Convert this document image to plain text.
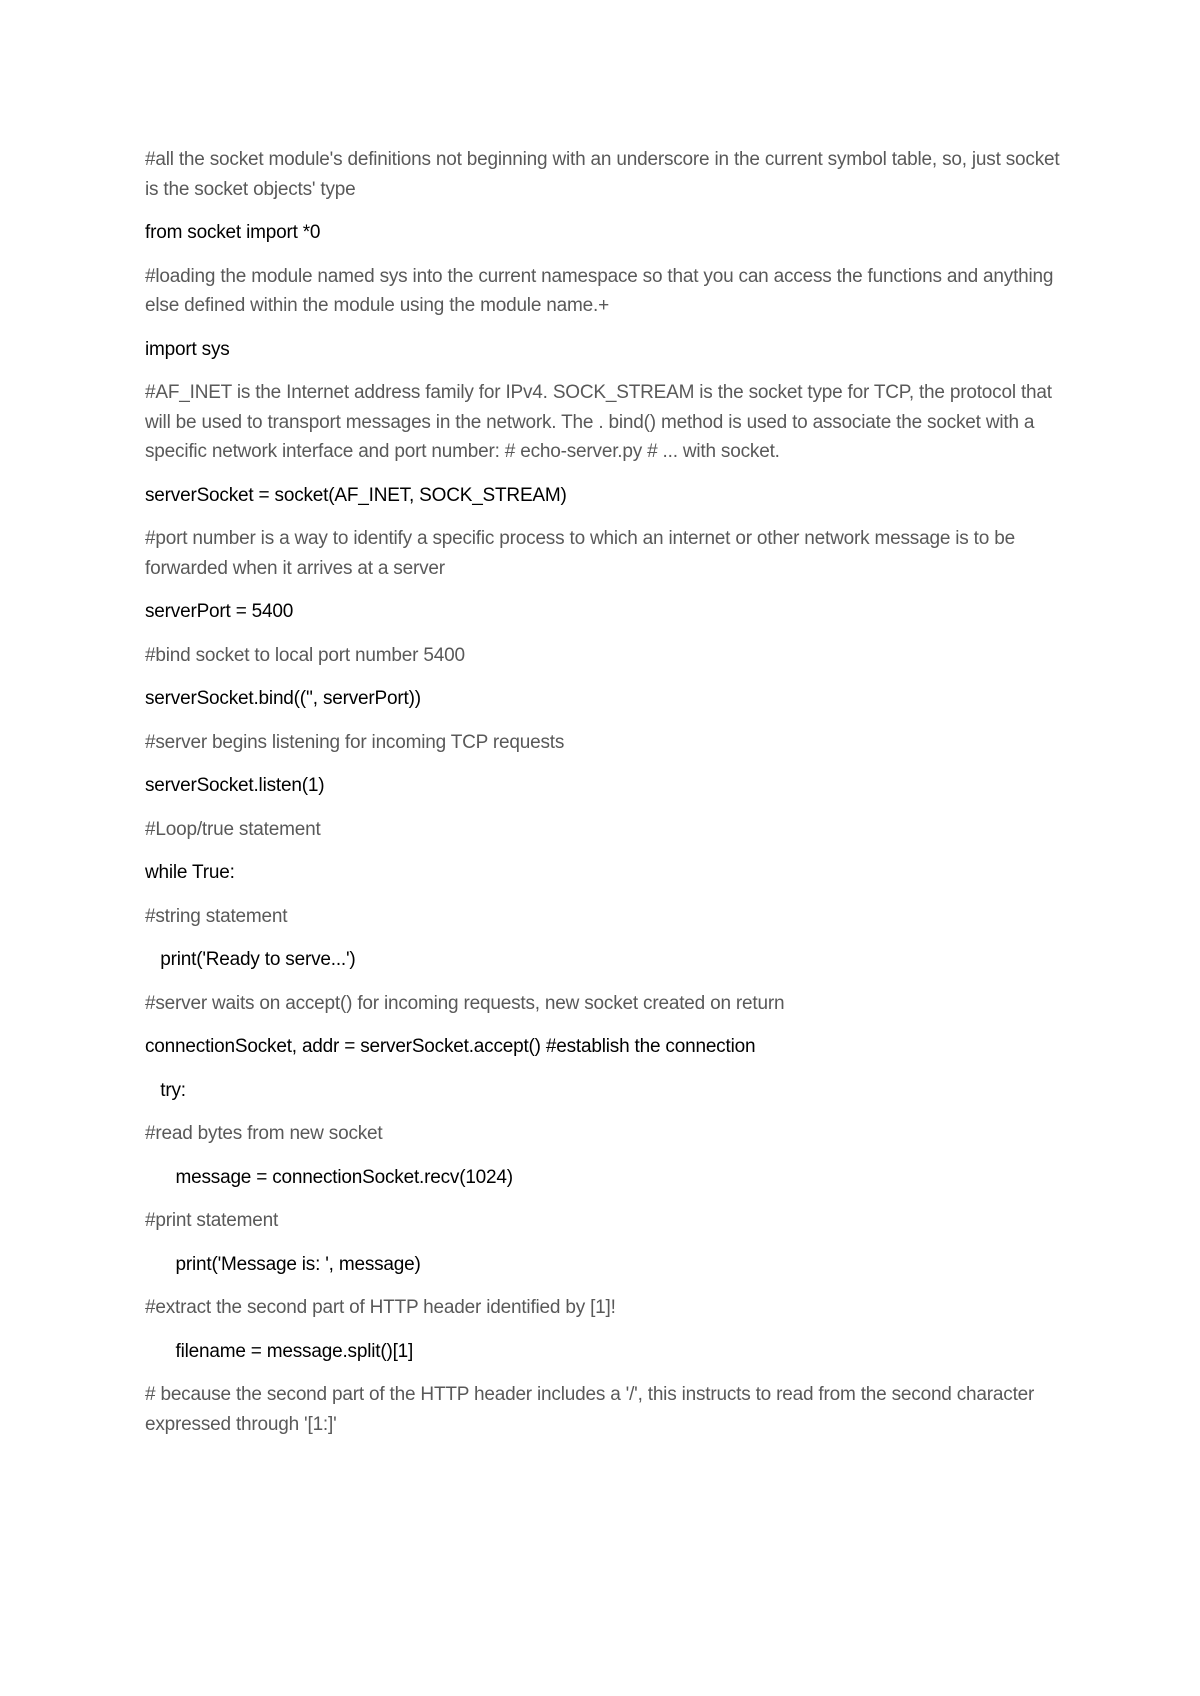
#all the socket module's definitions not beginning with an underscore in the current symbol table, so, just socket is the socket objects' type

from socket import *0

#loading the module named sys into the current namespace so that you can access the functions and anything else defined within the module using the module name.+

import sys

#AF_INET is the Internet address family for IPv4. SOCK_STREAM is the socket type for TCP, the protocol that will be used to transport messages in the network. The . bind() method is used to associate the socket with a specific network interface and port number: # echo-server.py # ... with socket.

serverSocket = socket(AF_INET, SOCK_STREAM)

#port number is a way to identify a specific process to which an internet or other network message is to be forwarded when it arrives at a server

serverPort = 5400

#bind socket to local port number 5400

serverSocket.bind(('', serverPort))

#server begins listening for incoming TCP requests

serverSocket.listen(1)

#Loop/true statement

while True:

#string statement

print('Ready to serve...')

#server waits on accept() for incoming requests, new socket created on return

connectionSocket, addr = serverSocket.accept() #establish the connection

try:

#read bytes from new socket

message = connectionSocket.recv(1024)

#print statement

print('Message is: ', message)

#extract the second part of HTTP header identified by [1]!

filename = message.split()[1]

# because the second part of the HTTP header includes a '/', this instructs to read from the second character expressed through '[1:]'
